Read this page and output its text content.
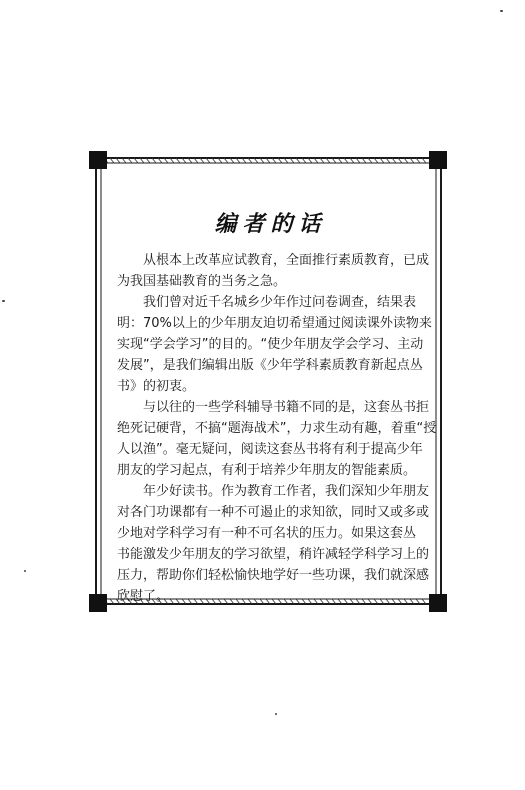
编者的话

从根本上改革应试教育，全面推行素质教育，已成
为我国基础教育的当务之急。

我们曾对近千名城乡少年作过问卷调查，结果表
明：70%以上的少年朋友迫切希望通过阅读课外读物来
实现“学会学习”的目的。“使少年朋友学会学习、主动
发展”，是我们编辑出版《少年学科素质教育新起点丛
书》的初衷。

与以往的一些学科辅导书籍不同的是，这套丛书拒
绝死记硬背，不搞“题海战术”，力求生动有趣，着重“授
人以渔”。毫无疑问，阅读这套丛书将有利于提高少年
朋友的学习起点，有利于培养少年朋友的智能素质。

年少好读书。作为教育工作者，我们深知少年朋友
对各门功课都有一种不可遏止的求知欲，同时又或多或
少地对学科学习有一种不可名状的压力。如果这套丛
书能激发少年朋友的学习欲望，稍许减轻学科学习上的
压力，帮助你们轻松愉快地学好一些功课，我们就深感
欣慰了。
